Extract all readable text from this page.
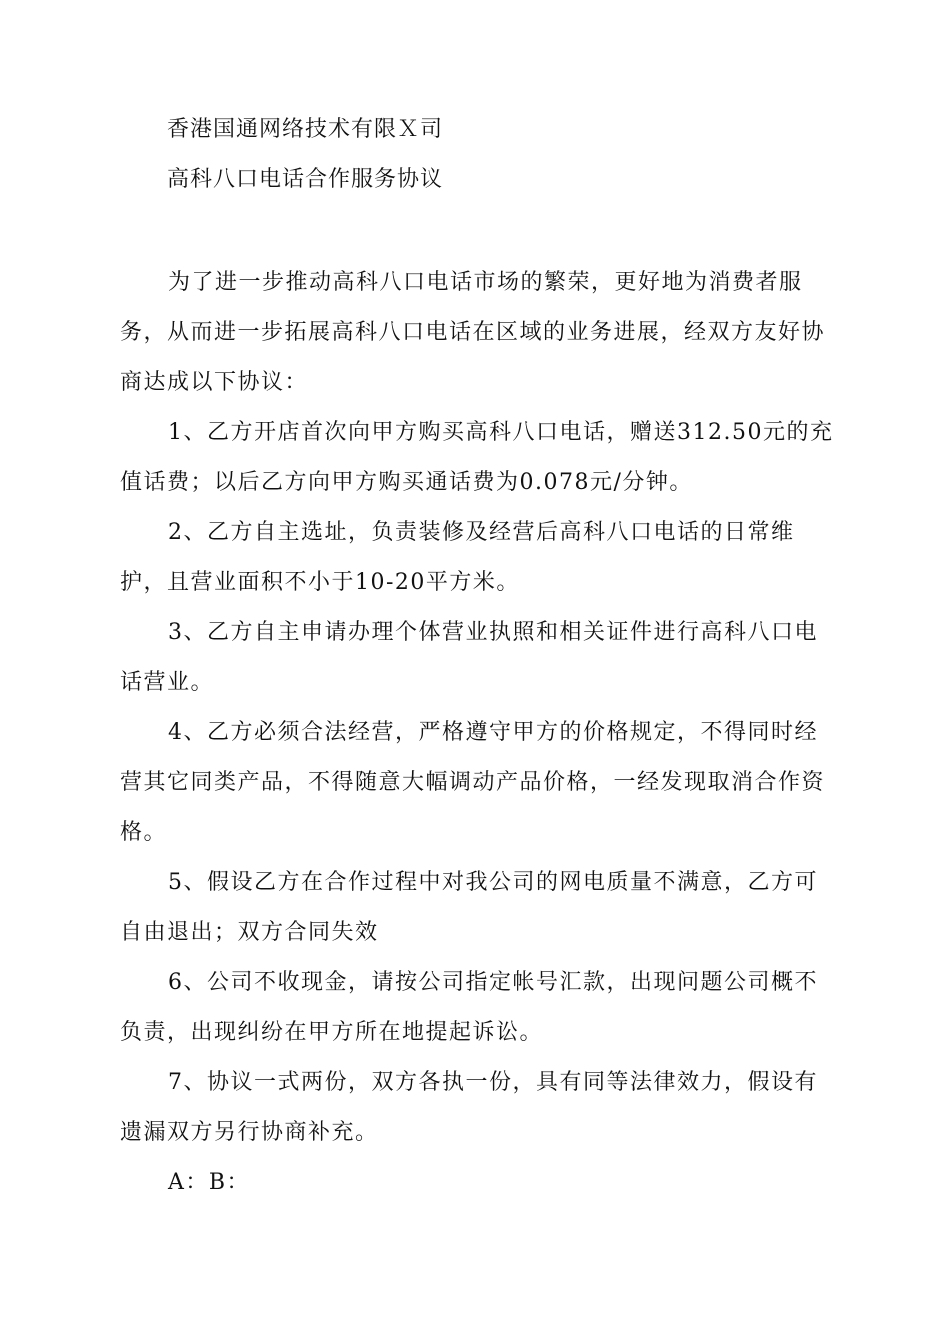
香港国通网络技术有限Ｘ司
高科八口电话合作服务协议

为了进一步推动高科八口电话市场的繁荣，更好地为消费者服务，从而进一步拓展高科八口电话在区域的业务进展，经双方友好协商达成以下协议：

1、乙方开店首次向甲方购买高科八口电话，赠送312.50元的充值话费；以后乙方向甲方购买通话费为0.078元/分钟。

2、乙方自主选址，负责装修及经营后高科八口电话的日常维护，且营业面积不小于10-20平方米。

3、乙方自主申请办理个体营业执照和相关证件进行高科八口电话营业。

4、乙方必须合法经营，严格遵守甲方的价格规定，不得同时经营其它同类产品，不得随意大幅调动产品价格，一经发现取消合作资格。

5、假设乙方在合作过程中对我公司的网电质量不满意，乙方可自由退出；双方合同失效

6、公司不收现金，请按公司指定帐号汇款，出现问题公司概不负责，出现纠纷在甲方所在地提起诉讼。

7、协议一式两份，双方各执一份，具有同等法律效力，假设有遗漏双方另行协商补充。

A：B：
